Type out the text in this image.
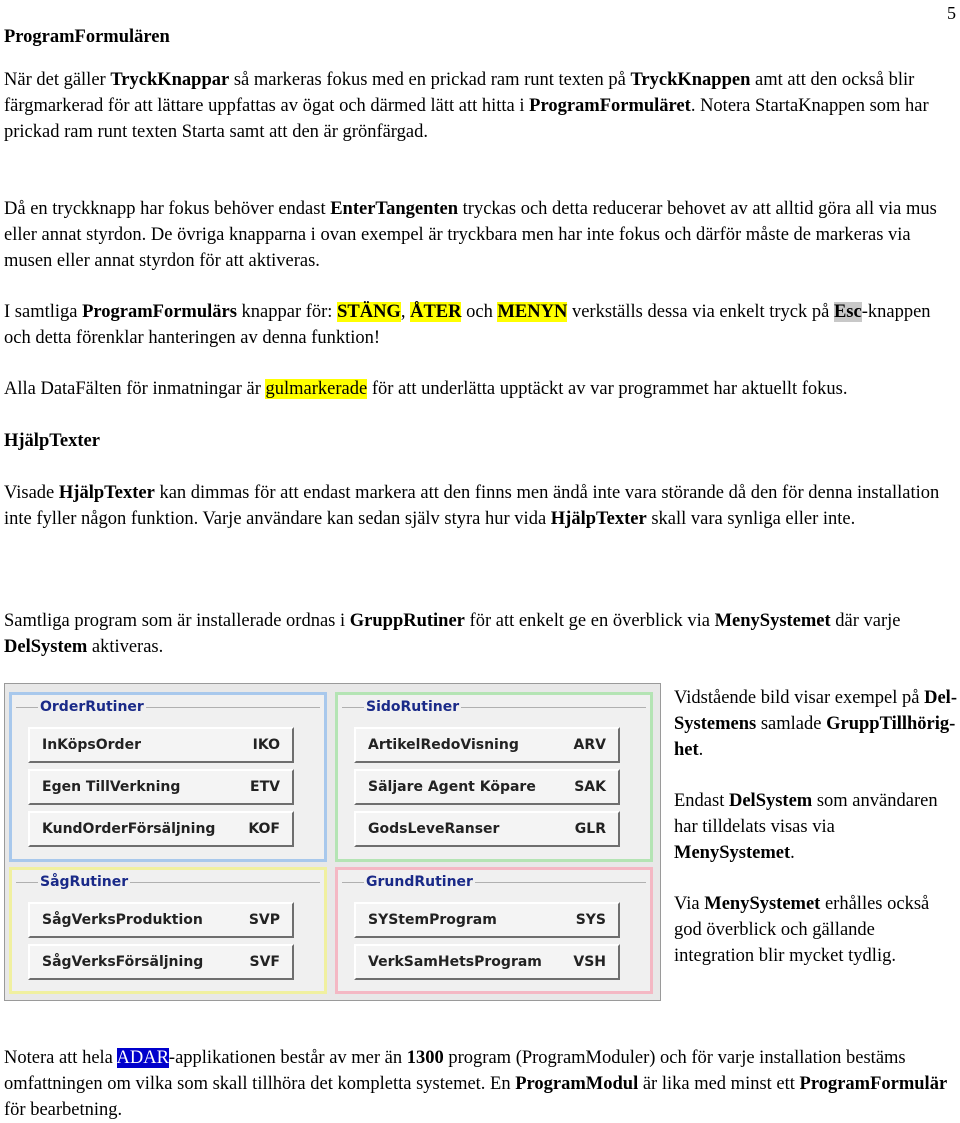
5

ProgramFormulären

När det gäller TryckKnappar så markeras fokus med en prickad ram runt texten på TryckKnappen amt att den också blir färgmarkerad för att lättare uppfattas av ögat och därmed lätt att hitta i ProgramFormuläret. Notera StartaKnappen som har prickad ram runt texten Starta samt att den är grönfärgad.

Då en tryckknapp har fokus behöver endast EnterTangenten tryckas och detta reducerar behovet av att alltid göra all via mus eller annat styrdon. De övriga knapparna i ovan exempel är tryckbara men har inte fokus och därför måste de markeras via musen eller annat styrdon för att aktiveras.

I samtliga ProgramFormulärs knappar för: STÄNG, ÅTER och MENYN verkställs dessa via enkelt tryck på Esc-knappen och detta förenklar hanteringen av denna funktion!

Alla DataFälten för inmatningar är gulmarkerade för att underlätta upptäckt av var programmet har aktuellt fokus.

HjälpTexter

Visade HjälpTexter kan dimmas för att endast markera att den finns men ändå inte vara störande då den för denna installation inte fyller någon funktion. Varje användare kan sedan själv styra hur vida HjälpTexter skall vara synliga eller inte.

Samtliga program som är installerade ordnas i GruppRutiner för att enkelt ge en överblick via MenySystemet där varje DelSystem aktiveras.

OrderRutiner
InKöpsOrder	IKO
Egen TillVerkning	ETV
KundOrderFörsäljning KOF
SidoRutiner
ArtikelRedoVisning	ARV
Säljare Agent Köpare	SAK
GodsLeveRanser	GLR
SågRutiner
SågVerksProduktion	SVP
SågVerksFörsäljning	SVF
GrundRutiner
SYStemProgram	SYS
VerkSamHetsProgram VSH

Vidstående bild visar exempel på Del- Systemens samlade GruppTillhörig-het.

Endast DelSystem som användaren har tilldelats visas via MenySystemet.

Via MenySystemet erhålles också god överblick och gällande integration blir mycket tydlig.

Notera att hela ADAR-applikationen består av mer än 1300 program (ProgramModuler) och för varje installation bestäms omfattningen om vilka som skall tillhöra det kompletta systemet. En ProgramModul är lika med minst ett ProgramFormulär för bearbetning.
